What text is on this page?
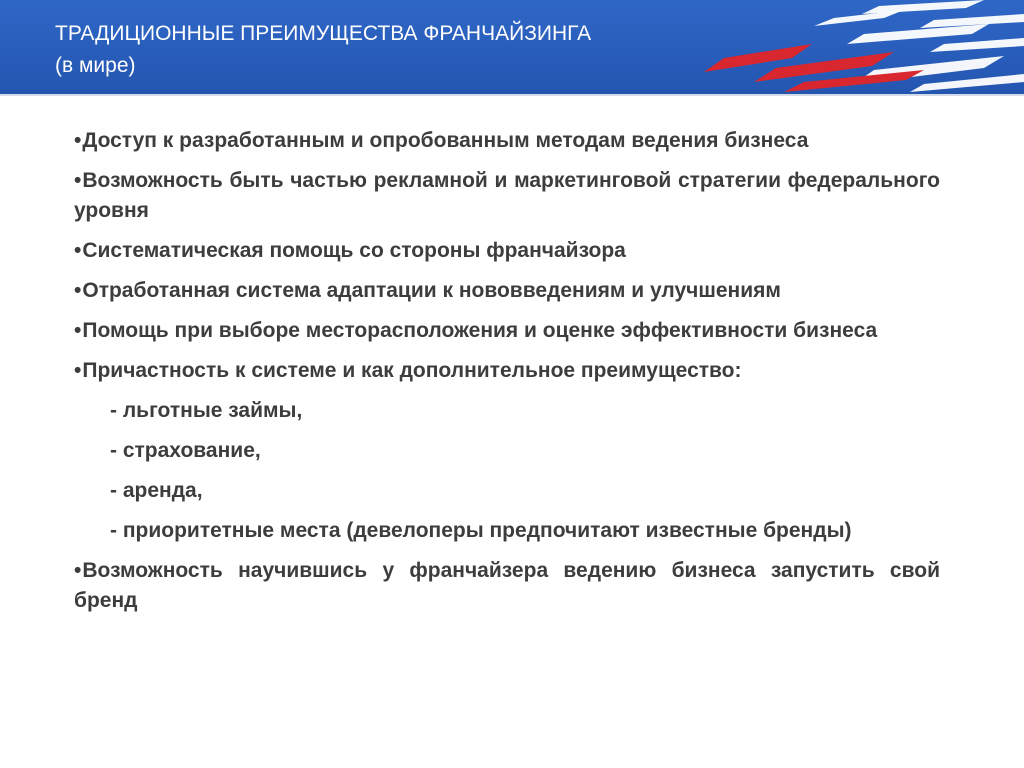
ТРАДИЦИОННЫЕ ПРЕИМУЩЕСТВА ФРАНЧАЙЗИНГА
(в мире)
•Доступ к разработанным и опробованным методам ведения бизнеса
•Возможность быть частью рекламной и маркетинговой стратегии федерального уровня
•Систематическая помощь со стороны франчайзора
•Отработанная система адаптации к нововведениям и улучшениям
•Помощь при выборе месторасположения и оценке эффективности бизнеса
•Причастность к системе и как дополнительное преимущество:
- льготные займы,
- страхование,
- аренда,
- приоритетные места (девелоперы предпочитают известные бренды)
•Возможность научившись у франчайзера ведению бизнеса запустить свой бренд
